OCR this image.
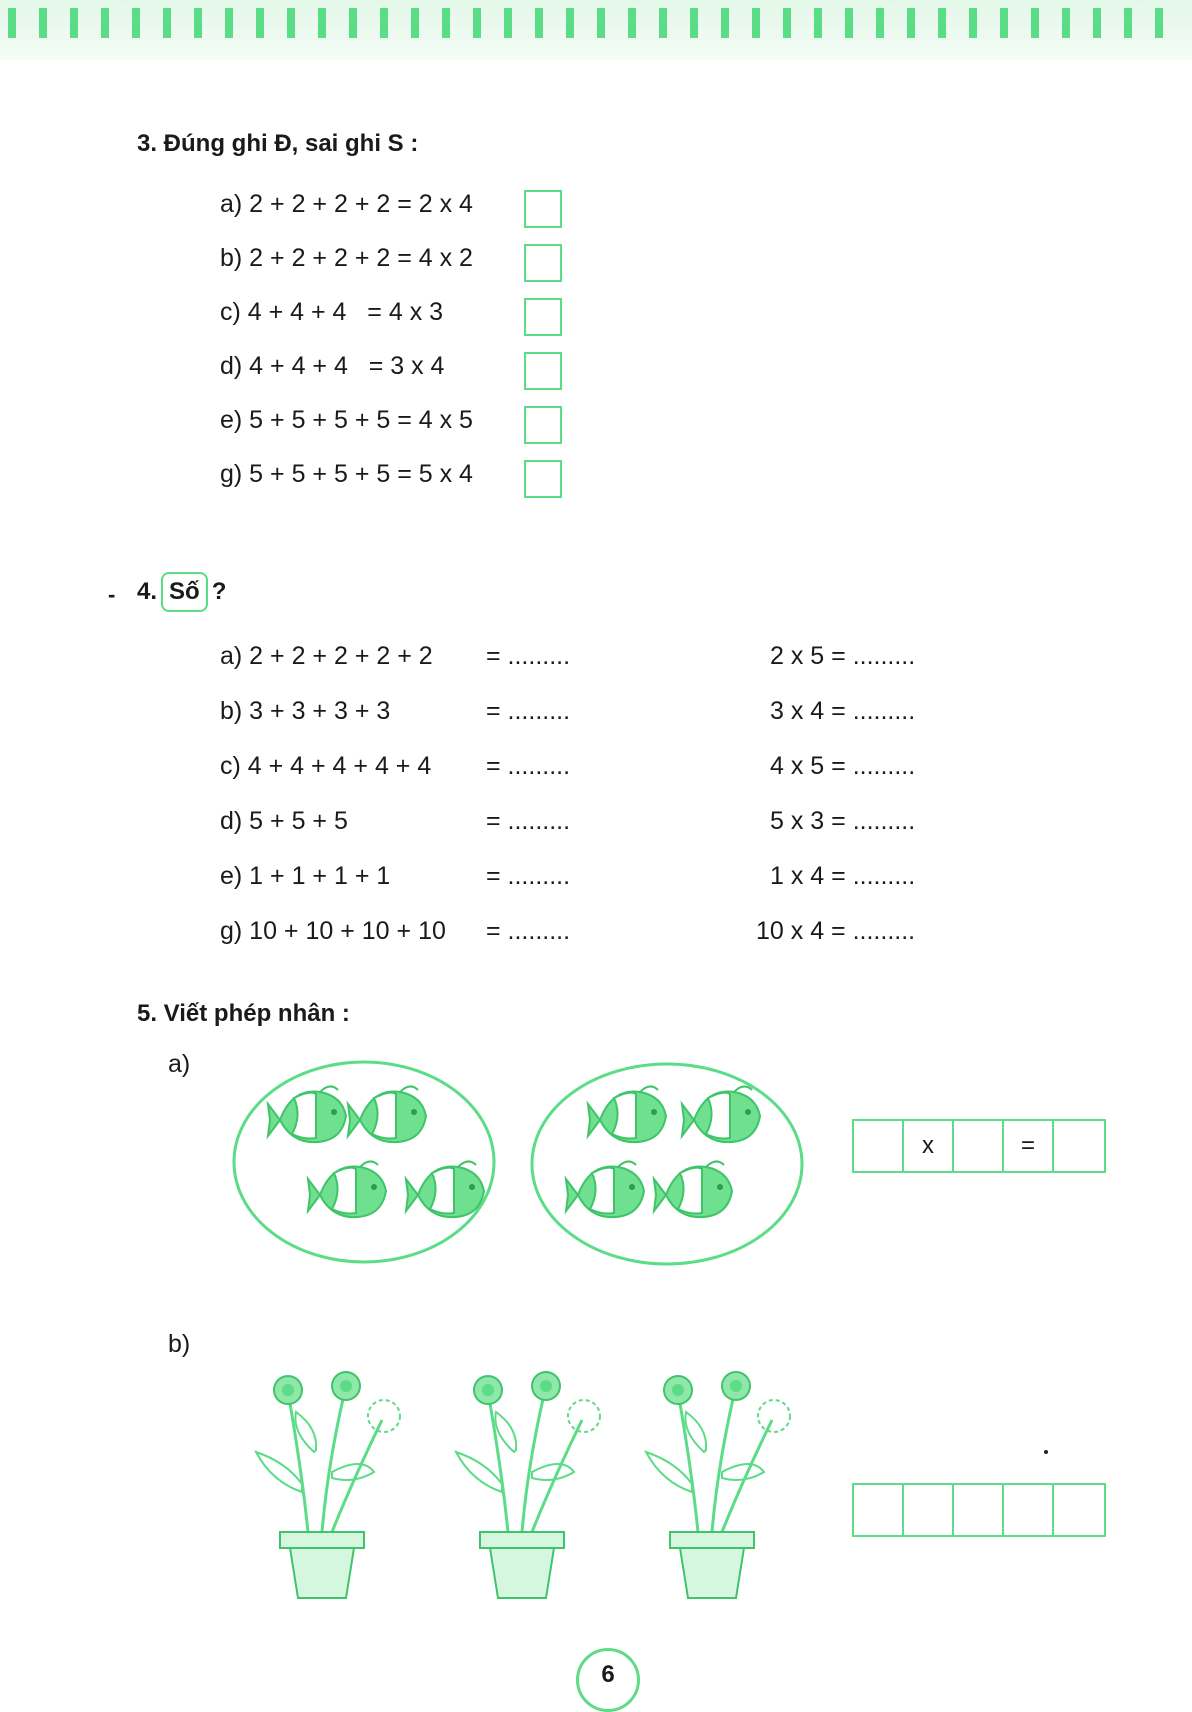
3. Đúng ghi Đ, sai ghi S :
a) 2 + 2 + 2 + 2 = 2 x 4
b) 2 + 2 + 2 + 2 = 4 x 2
c) 4 + 4 + 4   = 4 x 3
d) 4 + 4 + 4   = 3 x 4
e) 5 + 5 + 5 + 5 = 4 x 5
g) 5 + 5 + 5 + 5 = 5 x 4
- 4. Số ?
a) 2 + 2 + 2 + 2 + 2 = .........	2 x 5 = .........
b) 3 + 3 + 3 + 3	= .........	3 x 4 = .........
c) 4 + 4 + 4 + 4 + 4 = .........	4 x 5 = .........
d) 5 + 5 + 5	= .........	5 x 3 = .........
e) 1 + 1 + 1 + 1	= .........	1 x 4 = .........
g) 10 + 10 + 10 + 10 = .........	10 x 4 = .........
5. Viết phép nhân :
a)
b)
x	=
6
